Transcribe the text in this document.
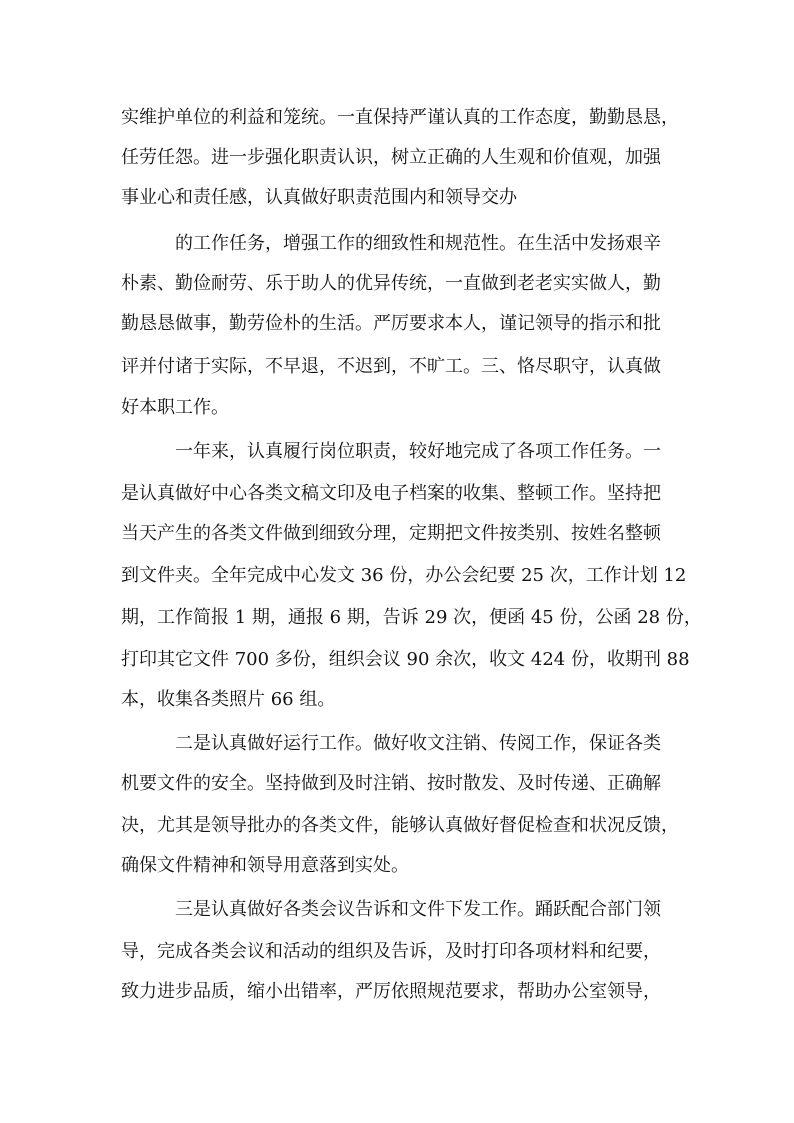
实维护单位的利益和笼统。一直保持严谨认真的工作态度，勤勤恳恳，
任劳任怨。进一步强化职责认识，树立正确的人生观和价值观，加强
事业心和责任感，认真做好职责范围内和领导交办
的工作任务，增强工作的细致性和规范性。在生活中发扬艰辛
朴素、勤俭耐劳、乐于助人的优异传统，一直做到老老实实做人，勤
勤恳恳做事，勤劳俭朴的生活。严厉要求本人，谨记领导的指示和批
评并付诸于实际，不早退，不迟到，不旷工。三、恪尽职守，认真做
好本职工作。
一年来，认真履行岗位职责，较好地完成了各项工作任务。一
是认真做好中心各类文稿文印及电子档案的收集、整顿工作。坚持把
当天产生的各类文件做到细致分理，定期把文件按类别、按姓名整顿
到文件夹。全年完成中心发文 36 份，办公会纪要 25 次，工作计划 12
期，工作简报 1 期，通报 6 期，告诉 29 次，便函 45 份，公函 28 份，
打印其它文件 700 多份，组织会议 90 余次，收文 424 份，收期刊 88
本，收集各类照片 66 组。
二是认真做好运行工作。做好收文注销、传阅工作，保证各类
机要文件的安全。坚持做到及时注销、按时散发、及时传递、正确解
决，尤其是领导批办的各类文件，能够认真做好督促检查和状况反馈，
确保文件精神和领导用意落到实处。
三是认真做好各类会议告诉和文件下发工作。踊跃配合部门领
导，完成各类会议和活动的组织及告诉，及时打印各项材料和纪要，
致力进步品质，缩小出错率，严厉依照规范要求，帮助办公室领导，
